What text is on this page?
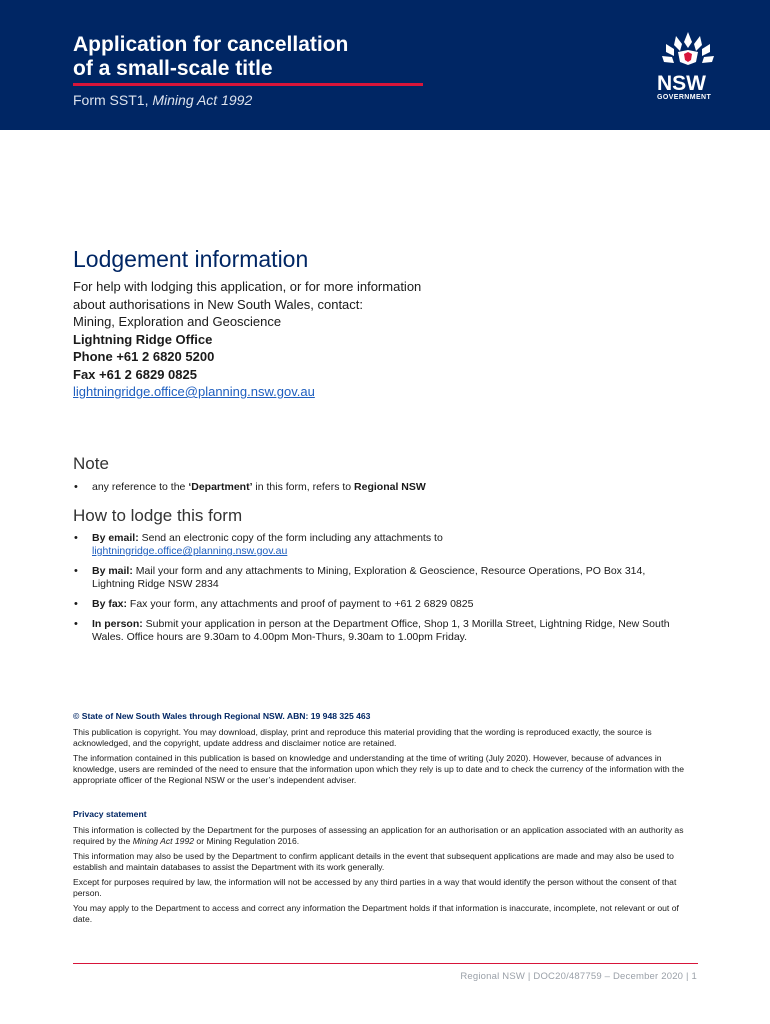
Application for cancellation
of a small-scale title
Form SST1, Mining Act 1992
NSW
GOVERNMENT
Lodgement information
For help with lodging this application, or for more information
about authorisations in New South Wales, contact:
Mining, Exploration and Geoscience
Lightning Ridge Office
Phone +61 2 6820 5200
Fax +61 2 6829 0825
lightningridge.office@planning.nsw.gov.au
Note
• any reference to the ‘Department’ in this form, refers to Regional NSW
How to lodge this form
• By email: Send an electronic copy of the form including any attachments to
lightningridge.office@planning.nsw.gov.au
• By mail: Mail your form and any attachments to Mining, Exploration & Geoscience, Resource Operations, PO Box 314, Lightning Ridge NSW 2834
• By fax: Fax your form, any attachments and proof of payment to +61 2 6829 0825
• In person: Submit your application in person at the Department Office, Shop 1, 3 Morilla Street, Lightning Ridge, New South Wales. Office hours are 9.30am to 4.00pm Mon-Thurs, 9.30am to 1.00pm Friday.

© State of New South Wales through Regional NSW. ABN: 19 948 325 463

This publication is copyright. You may download, display, print and reproduce this material providing that the wording is reproduced exactly, the source is acknowledged, and the copyright, update address and disclaimer notice are retained.

The information contained in this publication is based on knowledge and understanding at the time of writing (July 2020). However, because of advances in knowledge, users are reminded of the need to ensure that the information upon which they rely is up to date and to check the currency of the information with the appropriate officer of the Regional NSW or the user’s independent adviser.

Privacy statement

This information is collected by the Department for the purposes of assessing an application for an authorisation or an application associated with an authority as required by the Mining Act 1992 or Mining Regulation 2016.

This information may also be used by the Department to confirm applicant details in the event that subsequent applications are made and may also be used to establish and maintain databases to assist the Department with its work generally.

Except for purposes required by law, the information will not be accessed by any third parties in a way that would identify the person without the consent of that person.

You may apply to the Department to access and correct any information the Department holds if that information is inaccurate, incomplete, not relevant or out of date.

Regional NSW | DOC20/487759 – December 2020 | 1
